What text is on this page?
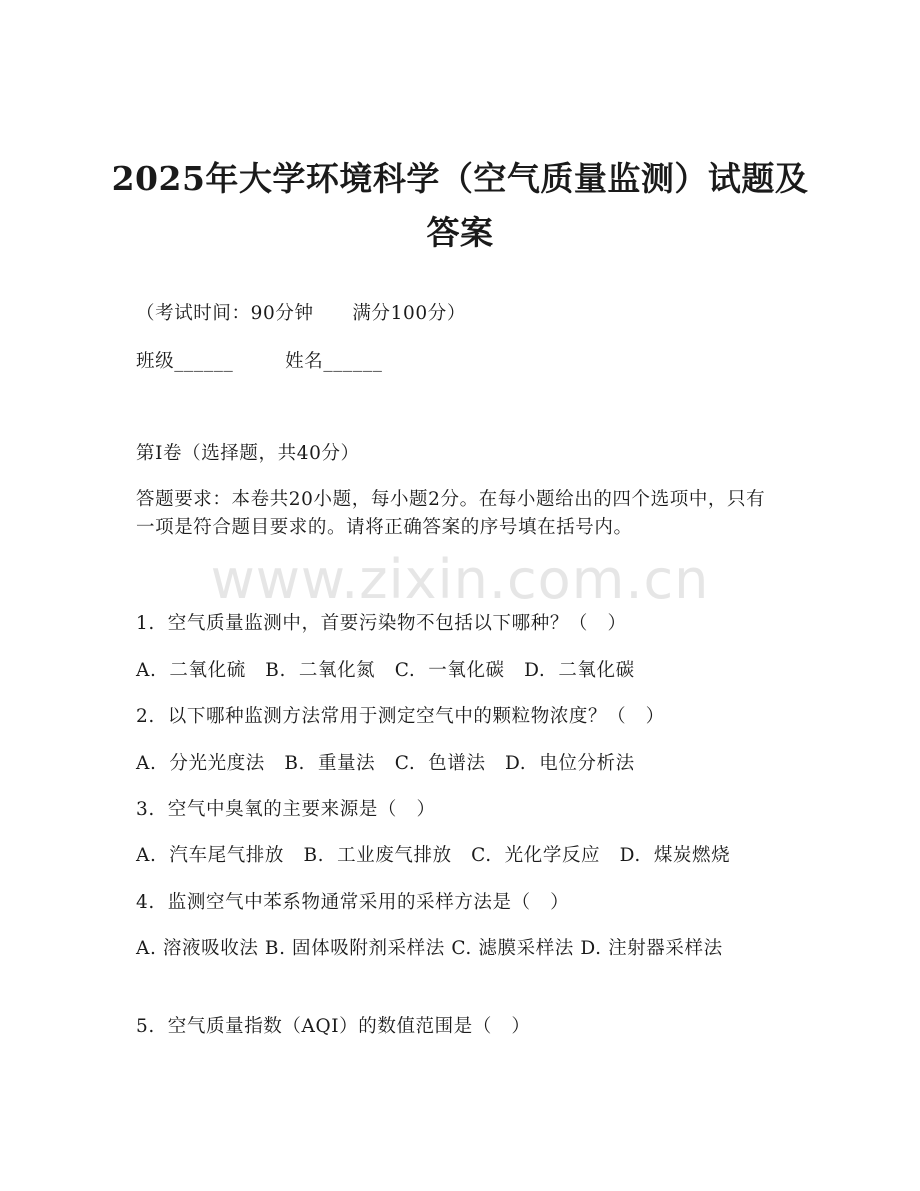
2025年大学环境科学（空气质量监测）试题及答案
（考试时间：90分钟      满分100分）
班级______        姓名______
第I卷（选择题，共40分）
答题要求：本卷共20小题，每小题2分。在每小题给出的四个选项中，只有一项是符合题目要求的。请将正确答案的序号填在括号内。
www.zixin.com.cn
1.  空气质量监测中，首要污染物不包括以下哪种？（   ）
A.  二氧化硫   B.  二氧化氮   C.  一氧化碳   D.  二氧化碳
2.  以下哪种监测方法常用于测定空气中的颗粒物浓度？（   ）
A.  分光光度法   B.  重量法   C.  色谱法   D.  电位分析法
3.  空气中臭氧的主要来源是（   ）
A.  汽车尾气排放   B.  工业废气排放   C.  光化学反应   D.  煤炭燃烧
4.  监测空气中苯系物通常采用的采样方法是（   ）
A. 溶液吸收法 B. 固体吸附剂采样法 C. 滤膜采样法 D. 注射器采样法
5.  空气质量指数（AQI）的数值范围是（   ）
